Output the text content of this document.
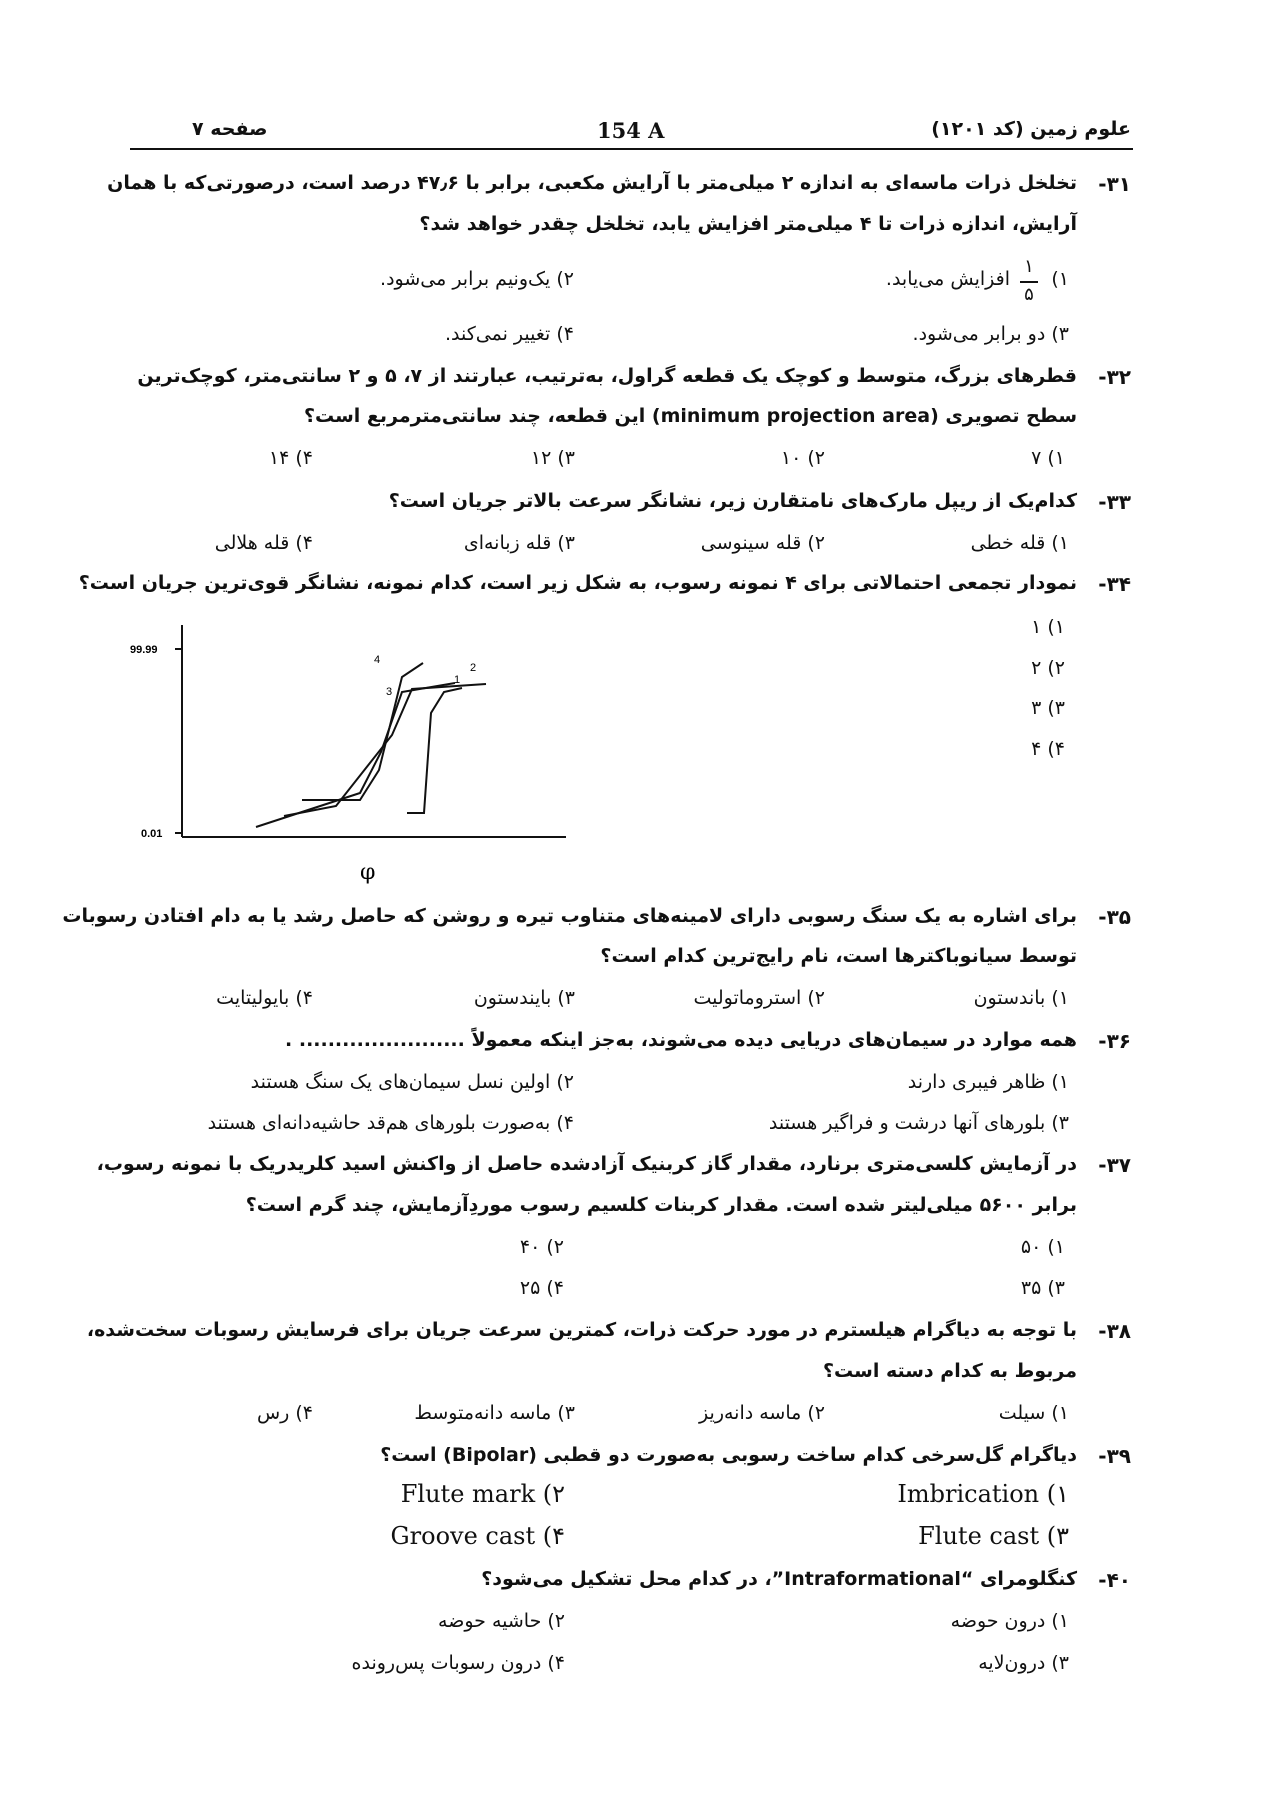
علوم زمین (کد ۱۲۰۱)
154 A
صفحه ۷
۳۱-
تخلخل ذرات ماسه‌ای به اندازه ۲ میلی‌متر با آرایش مکعبی، برابر با ۴۷٫۶ درصد است، درصورتی‌که با همان
آرایش، اندازه ذرات تا ۴ میلی‌متر افزایش یابد، تخلخل چقدر خواهد شد؟
۱)
۱
۵
افزایش می‌یابد.
۲) یک‌ونیم برابر می‌شود.
۳) دو برابر می‌شود.
۴) تغییر نمی‌کند.
۳۲-
قطرهای بزرگ، متوسط و کوچک یک قطعه گراول، به‌ترتیب، عبارتند از ۷، ۵ و ۲ سانتی‌متر، کوچک‌ترین
سطح تصویری (minimum projection area) این قطعه، چند سانتی‌مترمربع است؟
۱) ۷
۲) ۱۰
۳) ۱۲
۴) ۱۴
۳۳-
کدام‌یک از ریپل مارک‌های نامتقارن زیر، نشانگر سرعت بالاتر جریان است؟
۱) قله خطی
۲) قله سینوسی
۳) قله زبانه‌ای
۴) قله هلالی
۳۴-
نمودار تجمعی احتمالاتی برای ۴ نمونه رسوب، به شکل زیر است، کدام نمونه، نشانگر قوی‌ترین جریان است؟
۱) ۱
۲) ۲
۳) ۳
۴) ۴
99.99
0.01
1
2
3
4
φ
۳۵-
برای اشاره به یک سنگ رسوبی دارای لامینه‌های متناوب تیره و روشن که حاصل رشد یا به دام افتادن رسوبات
توسط سیانوباکترها است، نام رایج‌ترین کدام است؟
۱) باندستون
۲) استروماتولیت
۳) بایندستون
۴) بایولیتایت
۳۶-
همه موارد در سیمان‌های دریایی دیده می‌شوند، به‌جز اینکه معمولاً ....................... .
۱) ظاهر فیبری دارند
۲) اولین نسل سیمان‌های یک سنگ هستند
۳) بلورهای آنها درشت و فراگیر هستند
۴) به‌صورت بلورهای هم‌قد حاشیه‌دانه‌ای هستند
۳۷-
در آزمایش کلسی‌متری برنارد، مقدار گاز کربنیک آزادشده حاصل از واکنش اسید کلریدریک با نمونه رسوب،
برابر ۵۶۰۰ میلی‌لیتر شده است. مقدار کربنات کلسیم رسوب موردِآزمایش، چند گرم است؟
۱) ۵۰
۲) ۴۰
۳) ۳۵
۴) ۲۵
۳۸-
با توجه به دیاگرام هیلسترم در مورد حرکت ذرات، کمترین سرعت جریان برای فرسایش رسوبات سخت‌شده،
مربوط به کدام دسته است؟
۱) سیلت
۲) ماسه دانه‌ریز
۳) ماسه دانه‌متوسط
۴) رس
۳۹-
دیاگرام گل‌سرخی کدام ساخت رسوبی به‌صورت دو قطبی (Bipolar) است؟
Imbrication (۱
Flute mark (۲
Flute cast (۳
Groove cast (۴
۴۰-
کنگلومرای “Intraformational”، در کدام محل تشکیل می‌شود؟
۱) درون حوضه
۲) حاشیه حوضه
۳) درون‌لایه
۴) درون رسوبات پس‌رونده
